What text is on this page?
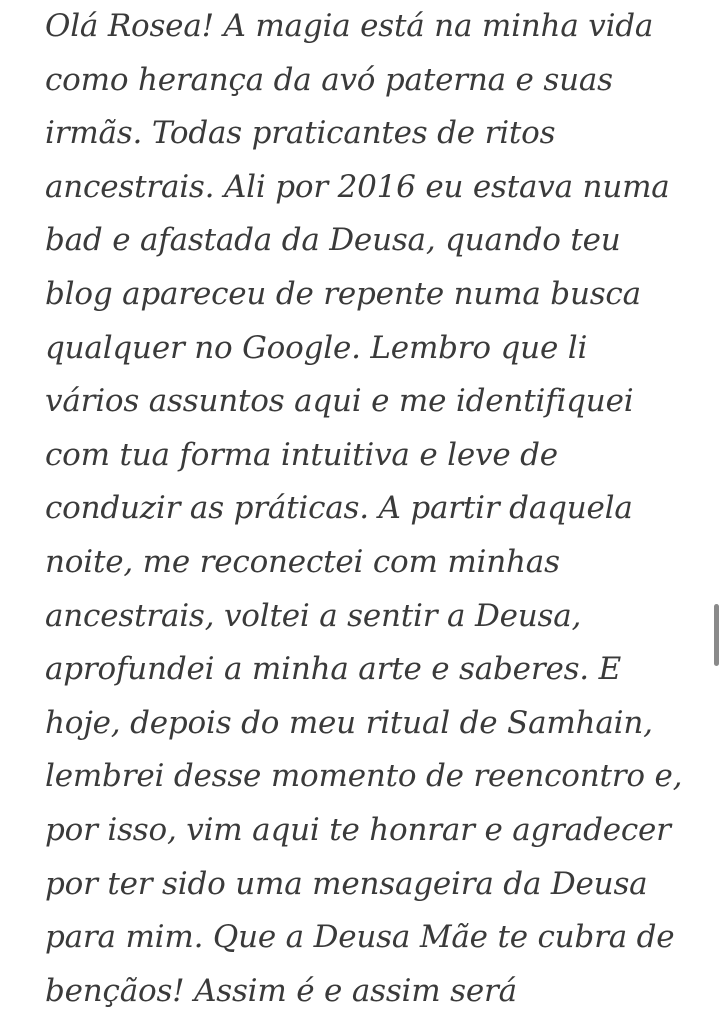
Olá Rosea! A magia está na minha vida
como herança da avó paterna e suas
irmãs. Todas praticantes de ritos
ancestrais. Ali por 2016 eu estava numa
bad e afastada da Deusa, quando teu
blog apareceu de repente numa busca
qualquer no Google. Lembro que li
vários assuntos aqui e me identifiquei
com tua forma intuitiva e leve de
conduzir as práticas. A partir daquela
noite, me reconectei com minhas
ancestrais, voltei a sentir a Deusa,
aprofundei a minha arte e saberes. E
hoje, depois do meu ritual de Samhain,
lembrei desse momento de reencontro e,
por isso, vim aqui te honrar e agradecer
por ter sido uma mensageira da Deusa
para mim. Que a Deusa Mãe te cubra de
bençãos! Assim é e assim será
